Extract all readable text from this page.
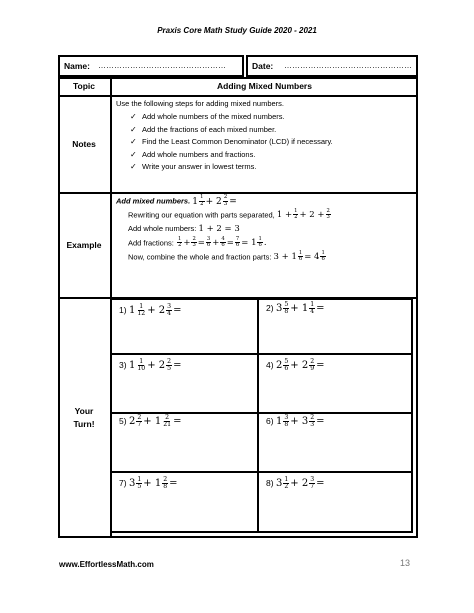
Praxis Core Math Study Guide 2020 - 2021
Name: …………………………………………	Date: …………………………………………
Topic	Adding Mixed Numbers
Notes
Use the following steps for adding mixed numbers.
✓ Add whole numbers of the mixed numbers.
✓ Add the fractions of each mixed number.
✓ Find the Least Common Denominator (LCD) if necessary.
✓ Add whole numbers and fractions.
✓ Write your answer in lowest terms.
Example
Add mixed numbers. $1 \frac{1}{2} + 2 \frac{2}{3}$ =
Rewriting our equation with parts separated, $1 + \frac{1}{2} + 2 + \frac{2}{3}$
Add whole numbers: 1 + 2 = 3
Add fractions: $\frac{1}{2} + \frac{2}{3} = \frac{3}{6} + \frac{4}{6} = \frac{7}{6} = 1 \frac{1}{6}$ .
Now, combine the whole and fraction parts: $3 + 1 \frac{1}{6} = 4 \frac{1}{6}$
Your
Turn!
1) $1 \frac{1}{12} + 2 \frac{3}{4}$ =	2) $3 \frac{5}{8} + 1 \frac{1}{4}$ =
3) $1 \frac{1}{10} + 2 \frac{2}{5}$ =	4) $2 \frac{5}{6} + 2 \frac{2}{9}$ =
5) $2 \frac{2}{7} + 1 \frac{2}{21}$ =	6) $1 \frac{3}{8} + 3 \frac{2}{3}$ =
7) $3 \frac{1}{5} + 1 \frac{2}{8}$ =	8) $3 \frac{1}{2} + 2 \frac{3}{7}$ =
www.EffortlessMath.com	13
